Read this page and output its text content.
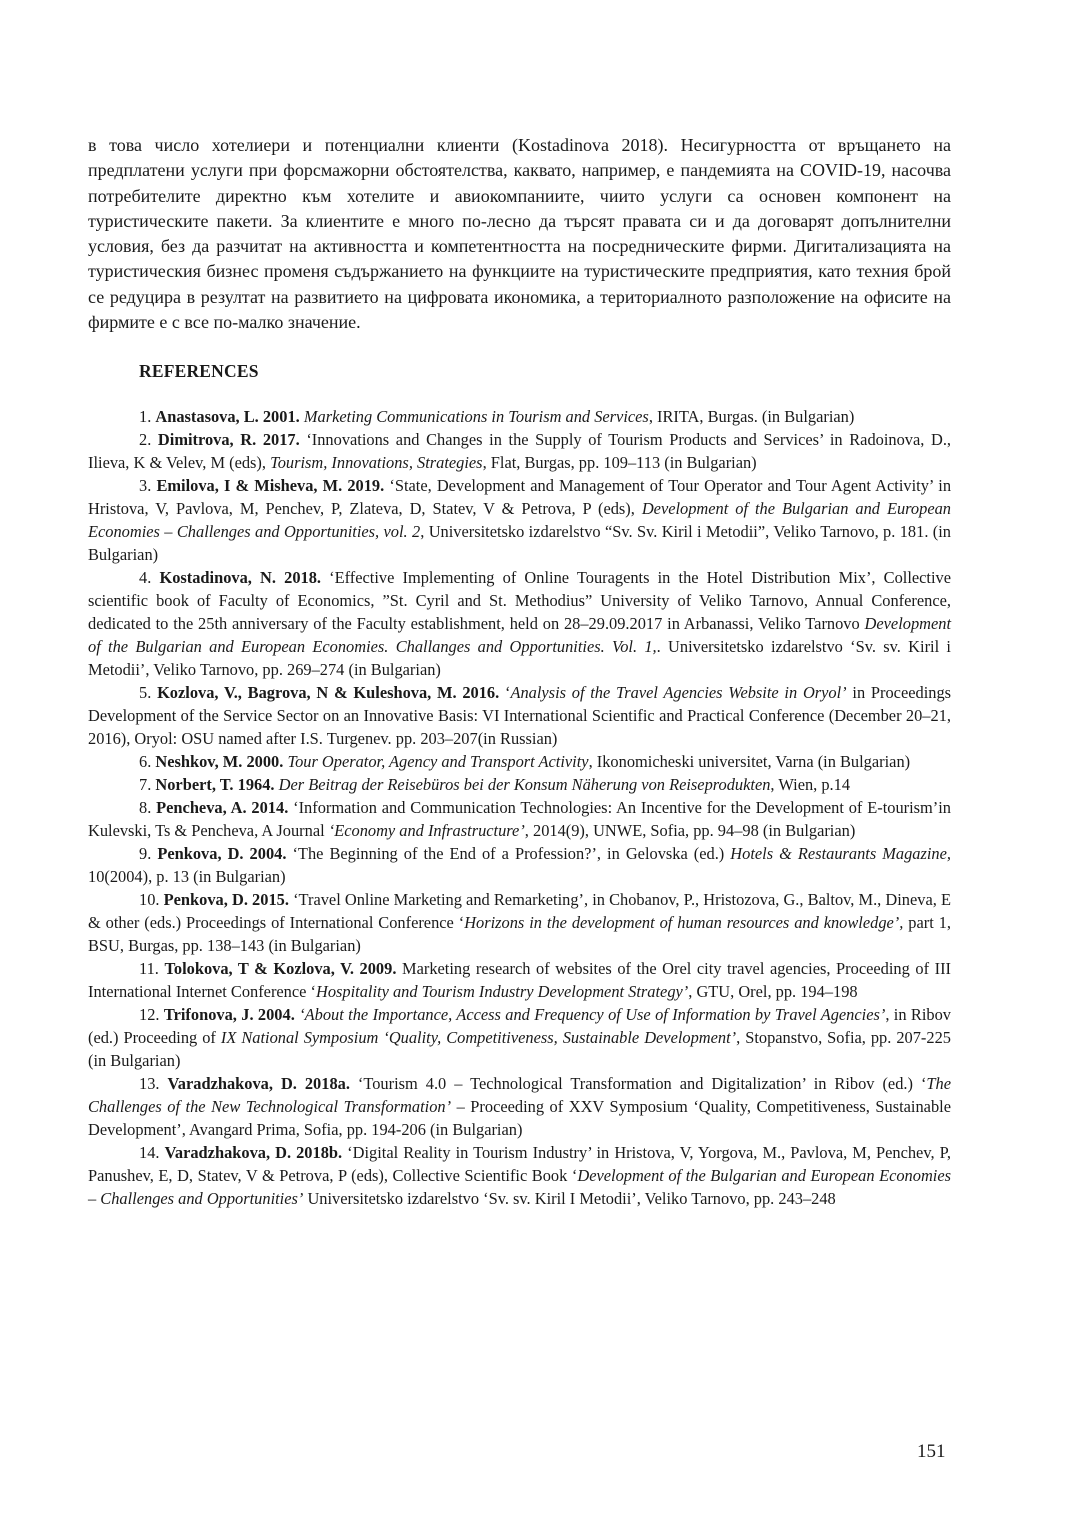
в това число хотелиери и потенциални клиенти (Kostadinova 2018). Несигурността от връщането на предплатени услуги при форсмажорни обстоятелства, каквато, например, е пандемията на COVID-19, насочва потребителите директно към хотелите и авиокомпаниите, чиито услуги са основен компонент на туристическите пакети. За клиентите е много по-лесно да търсят правата си и да договарят допълнителни условия, без да разчитат на активността и компетентността на посредническите фирми. Дигитализацията на туристическия бизнес променя съдържанието на функциите на туристическите предприятия, като техния брой се редуцира в резултат на развитието на цифровата икономика, а териториалното разположение на офисите на фирмите е с все по-малко значение.

REFERENCES

1. Anastasova, L. 2001. Marketing Communications in Tourism and Services, IRITA, Burgas. (in Bulgarian)

2. Dimitrova, R. 2017. ‘Innovations and Changes in the Supply of Tourism Products and Services’ in Radoinova, D., Ilieva, K & Velev, M (eds), Tourism, Innovations, Strategies, Flat, Burgas, pp. 109–113 (in Bulgarian)

3. Emilova, I & Misheva, M. 2019. ‘State, Development and Management of Tour Operator and Tour Agent Activity’ in Hristova, V, Pavlova, M, Penchev, P, Zlateva, D, Statev, V & Petrova, P (eds), Development of the Bulgarian and European Economies – Challenges and Opportunities, vol. 2, Universitetsko izdarelstvo “Sv. Sv. Kiril i Metodii”, Veliko Tarnovo, p. 181. (in Bulgarian)

4. Kostadinova, N. 2018. ‘Effective Implementing of Online Touragents in the Hotel Distribution Mix’, Collective scientific book of Faculty of Economics, ”St. Cyril and St. Methodius” University of Veliko Tarnovo, Annual Conference, dedicated to the 25th anniversary of the Faculty establishment, held on 28–29.09.2017 in Arbanassi, Veliko Tarnovo Development of the Bulgarian and European Economies. Challanges and Opportunities. Vol. 1,. Universitetsko izdarelstvo ‘Sv. sv. Kiril i Metodii’, Veliko Tarnovo, pp. 269–274 (in Bulgarian)

5. Kozlova, V., Bagrova, N & Kuleshova, M. 2016. ‘Analysis of the Travel Agencies Website in Oryol’ in Proceedings Development of the Service Sector on an Innovative Basis: VI International Scientific and Practical Conference (December 20–21, 2016), Oryol: OSU named after I.S. Turgenev. pp. 203–207(in Russian)

6. Neshkov, M. 2000. Tour Operator, Agency and Transport Activity, Ikonomicheski universitet, Varna (in Bulgarian)

7. Norbert, T. 1964. Der Beitrag der Reisebüros bei der Konsum Näherung von Reiseprodukten, Wien, p.14

8. Pencheva, A. 2014. ‘Information and Communication Technologies: An Incentive for the Development of E-tourism’in Kulevski, Ts & Pencheva, A Journal ‘Economy and Infrastructure’, 2014(9), UNWE, Sofia, pp. 94–98 (in Bulgarian)

9. Penkova, D. 2004. ‘The Beginning of the End of a Profession?’, in Gelovska (ed.) Hotels & Restaurants Magazine, 10(2004), p. 13 (in Bulgarian)

10. Penkova, D. 2015. ‘Travel Online Marketing and Remarketing’, in Chobanov, P., Hristozova, G., Baltov, M., Dineva, E & other (eds.) Proceedings of International Conference ‘Horizons in the development of human resources and knowledge’, part 1, BSU, Burgas, pp. 138–143 (in Bulgarian)

11. Tolokova, T & Kozlova, V. 2009. Marketing research of websites of the Orel city travel agencies, Proceeding of III International Internet Conference ‘Hospitality and Tourism Industry Development Strategy’, GTU, Orel, pp. 194–198

12. Trifonova, J. 2004. ‘About the Importance, Access and Frequency of Use of Information by Travel Agencies’, in Ribov (ed.) Proceeding of IX National Symposium ‘Quality, Competitiveness, Sustainable Development’, Stopanstvo, Sofia, pp. 207-225 (in Bulgarian)

13. Varadzhakova, D. 2018a. ‘Tourism 4.0 – Technological Transformation and Digitalization’ in Ribov (ed.) ‘The Challenges of the New Technological Transformation’ – Proceeding of XXV Symposium ‘Quality, Competitiveness, Sustainable Development’, Avangard Prima, Sofia, pp. 194-206 (in Bulgarian)

14. Varadzhakova, D. 2018b. ‘Digital Reality in Tourism Industry’ in Hristova, V, Yorgova, M., Pavlova, M, Penchev, P, Panushev, E, D, Statev, V & Petrova, P (eds), Collective Scientific Book ‘Development of the Bulgarian and European Economies – Challenges and Opportunities’ Universitetsko izdarelstvo ‘Sv. sv. Kiril I Metodii’, Veliko Tarnovo, pp. 243–248

151
